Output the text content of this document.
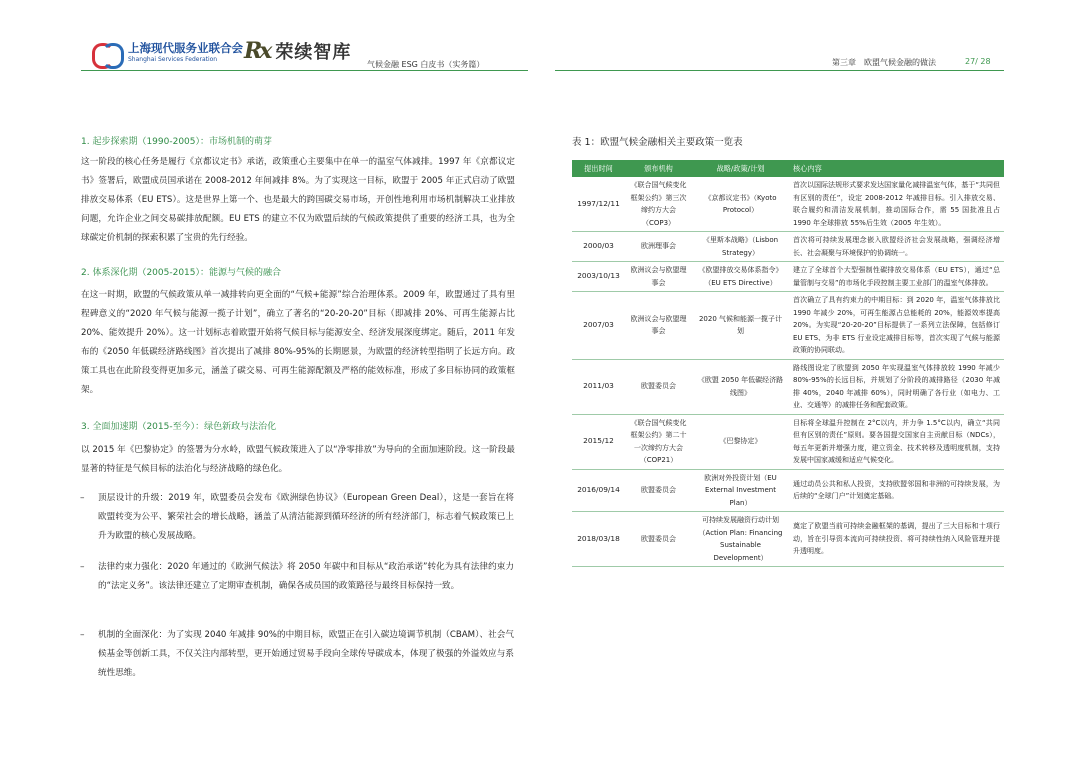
上海现代服务业联合会
Shanghai Services Federation	Rx 荣续智库
气候金融 ESG 白皮书（实务篇）	第三章　欧盟气候金融的做法	27/ 28

1. 起步探索期（1990-2005）：市场机制的萌芽

这一阶段的核心任务是履行《京都议定书》承诺，政策重心主要集中在单一的温室气体减排。1997 年《京都议定书》签署后，欧盟成员国承诺在 2008-2012 年间减排 8%。为了实现这一目标，欧盟于 2005 年正式启动了欧盟排放交易体系（EU ETS）。这是世界上第一个、也是最大的跨国碳交易市场，开创性地利用市场机制解决工业排放问题，允许企业之间交易碳排放配额。EU ETS 的建立不仅为欧盟后续的气候政策提供了重要的经济工具，也为全球碳定价机制的探索积累了宝贵的先行经验。

2. 体系深化期（2005-2015）：能源与气候的融合

在这一时期，欧盟的气候政策从单一减排转向更全面的“气候+能源”综合治理体系。2009 年，欧盟通过了具有里程碑意义的“2020 年气候与能源一揽子计划”，确立了著名的“20-20-20”目标（即减排 20%、可再生能源占比 20%、能效提升 20%）。这一计划标志着欧盟开始将气候目标与能源安全、经济发展深度绑定。随后，2011 年发布的《2050 年低碳经济路线图》首次提出了减排 80%-95%的长期愿景，为欧盟的经济转型指明了长远方向。政策工具也在此阶段变得更加多元，涵盖了碳交易、可再生能源配额及严格的能效标准，形成了多目标协同的政策框架。

3. 全面加速期（2015-至今）：绿色新政与法治化

以 2015 年《巴黎协定》的签署为分水岭，欧盟气候政策进入了以“净零排放”为导向的全面加速阶段。这一阶段最显著的特征是气候目标的法治化与经济战略的绿色化。

–	顶层设计的升级：2019 年，欧盟委员会发布《欧洲绿色协议》（European Green Deal），这是一套旨在将欧盟转变为公平、繁荣社会的增长战略，涵盖了从清洁能源到循环经济的所有经济部门，标志着气候政策已上升为欧盟的核心发展战略。
–	法律约束力强化：2020 年通过的《欧洲气候法》将 2050 年碳中和目标从“政治承诺”转化为具有法律约束力的“法定义务”。该法律还建立了定期审查机制，确保各成员国的政策路径与最终目标保持一致。
–	机制的全面深化：为了实现 2040 年减排 90%的中期目标，欧盟正在引入碳边境调节机制（CBAM）、社会气候基金等创新工具，不仅关注内部转型，更开始通过贸易手段向全球传导碳成本，体现了极强的外溢效应与系统性思维。
表 1：欧盟气候金融相关主要政策一览表
提出时间	颁布机构	战略/政策/计划	核心内容
1997/12/11	《联合国气候变化框架公约》第三次缔约方大会（COP3）	《京都议定书》（Kyoto Protocol）	首次以国际法规形式要求发达国家量化减排温室气体，基于“共同但有区别的责任”，设定 2008-2012 年减排目标。引入排放交易、联合履约和清洁发展机制，推动国际合作，需 55 国批准且占 1990 年全球排放 55%后生效（2005 年生效）。
2000/03	欧洲理事会	《里斯本战略》（Lisbon Strategy）	首次将可持续发展理念嵌入欧盟经济社会发展战略，强调经济增长、社会凝聚与环境保护的协调统一。
2003/10/13	欧洲议会与欧盟理事会	《欧盟排放交易体系指令》（EU ETS Directive）	建立了全球首个大型强制性碳排放交易体系（EU ETS），通过“总量管制与交易”的市场化手段控制主要工业部门的温室气体排放。
2007/03	欧洲议会与欧盟理事会	2020 气候和能源一揽子计划	首次确立了具有约束力的中期目标：到 2020 年，温室气体排放比 1990 年减少 20%，可再生能源占总能耗的 20%，能源效率提高 20%。为实现“20-20-20”目标提供了一系列立法保障，包括修订 EU ETS、为非 ETS 行业设定减排目标等，首次实现了气候与能源政策的协同联动。
2011/03	欧盟委员会	《欧盟 2050 年低碳经济路线图》	路线图设定了欧盟到 2050 年实现温室气体排放较 1990 年减少 80%-95%的长远目标，并规划了分阶段的减排路径（2030 年减排 40%，2040 年减排 60%），同时明确了各行业（如电力、工业、交通等）的减排任务和配套政策。
2015/12	《联合国气候变化框架公约》第二十一次缔约方大会（COP21）	《巴黎协定》	目标将全球温升控制在 2°C以内，并力争 1.5°C以内，确立“共同但有区别的责任”原则。要各国提交国家自主贡献目标（NDCs），每五年更新并增强力度，建立资金、技术转移及透明度机制，支持发展中国家减缓和适应气候变化。
2016/09/14	欧盟委员会	欧洲对外投资计划（EU External Investment Plan）	通过动员公共和私人投资，支持欧盟邻国和非洲的可持续发展，为后续的“全球门户”计划奠定基础。
2018/03/18	欧盟委员会	可持续发展融资行动计划（Action Plan: Financing Sustainable Development）	奠定了欧盟当前可持续金融框架的基调，提出了三大目标和十项行动，旨在引导资本流向可持续投资、将可持续性纳入风险管理并提升透明度。
